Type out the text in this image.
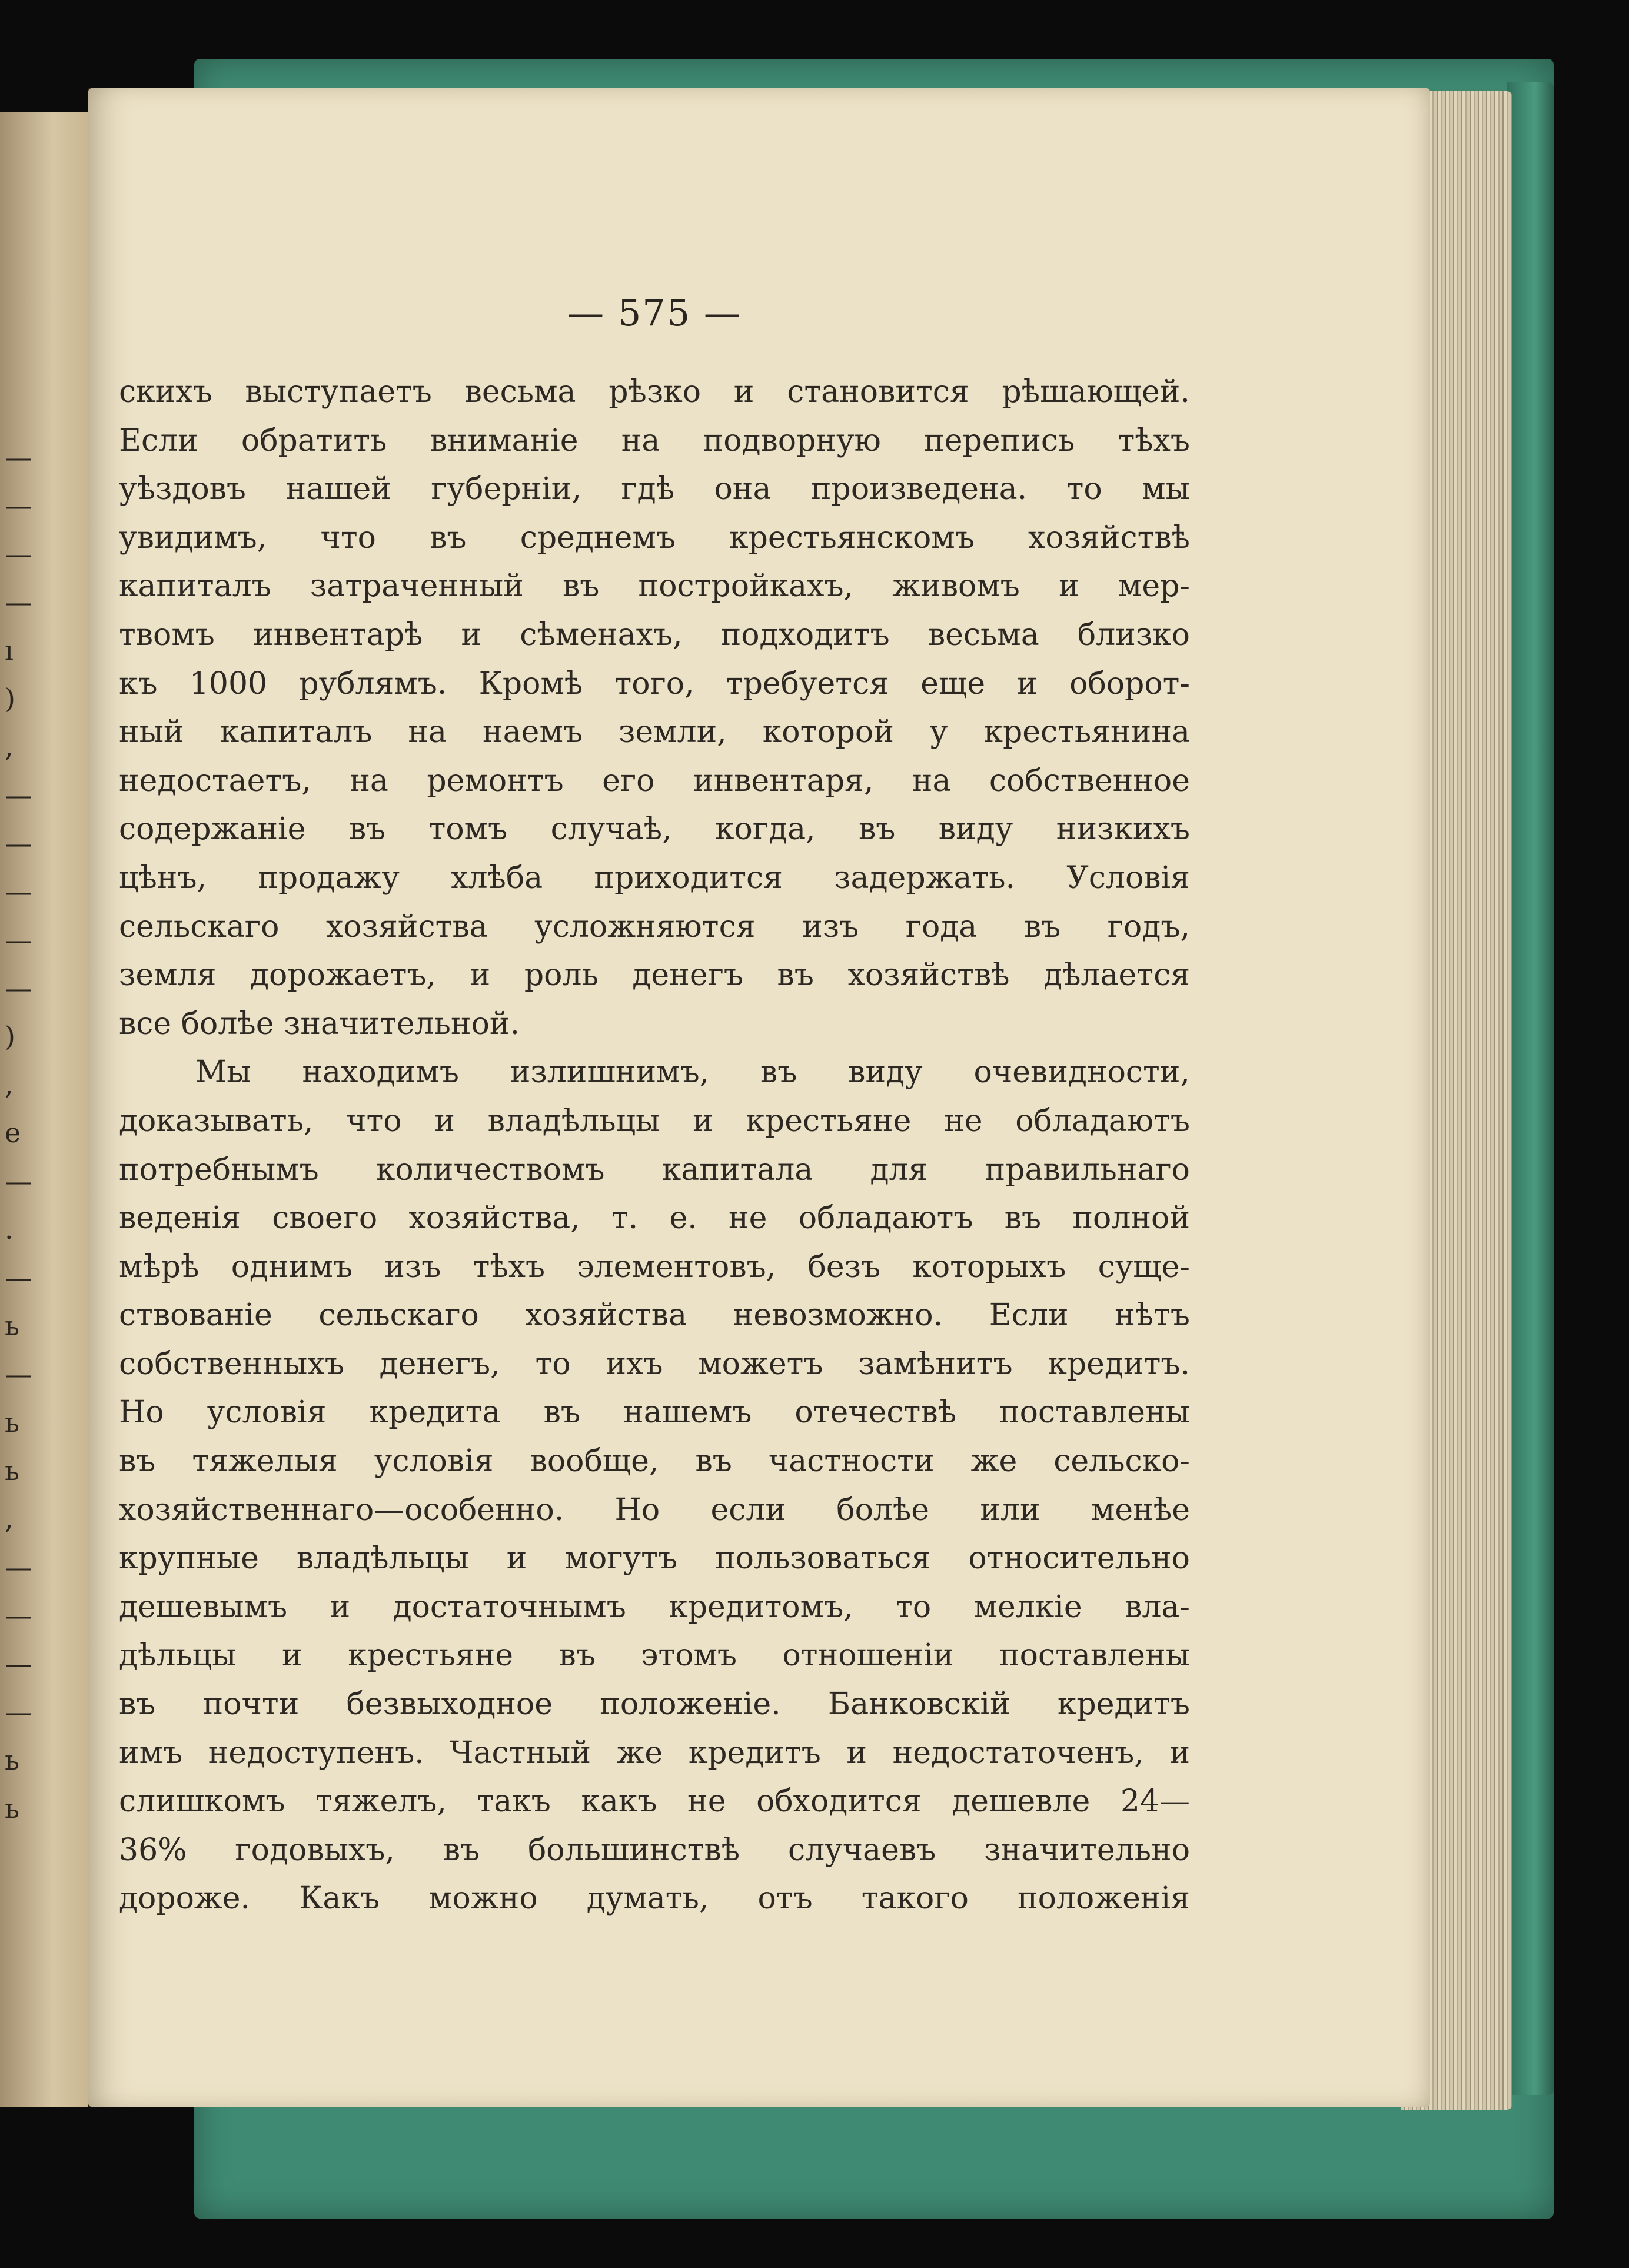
—
—
—
—
ı
)
,
—
—
—
—
—
)
,
e
—
.
—
ь
—
ь
ь
,
—
—
—
—
ь
ь
— 575 —
скихъ выступаетъ весьма рѣзко и становится рѣшающей.
Если обратить вниманіе на подворную перепись тѣхъ
уѣздовъ нашей губерніи, гдѣ она произведена. то мы
увидимъ, что въ среднемъ крестьянскомъ хозяйствѣ
капиталъ затраченный въ постройкахъ, живомъ и мер-
твомъ инвентарѣ и сѣменахъ, подходитъ весьма близко
къ 1000 рублямъ. Кромѣ того, требуется еще и оборот-
ный капиталъ на наемъ земли, которой у крестьянина
недостаетъ, на ремонтъ его инвентаря, на собственное
содержаніе въ томъ случаѣ, когда, въ виду низкихъ
цѣнъ, продажу хлѣба приходится задержать. Условія
сельскаго хозяйства усложняются изъ года въ годъ,
земля дорожаетъ, и роль денегъ въ хозяйствѣ дѣлается
все болѣе значительной.
Мы находимъ излишнимъ, въ виду очевидности,
доказывать, что и владѣльцы и крестьяне не обладаютъ
потребнымъ количествомъ капитала для правильнаго
веденія своего хозяйства, т. е. не обладаютъ въ полной
мѣрѣ однимъ изъ тѣхъ элементовъ, безъ которыхъ суще-
ствованіе сельскаго хозяйства невозможно. Если нѣтъ
собственныхъ денегъ, то ихъ можетъ замѣнитъ кредитъ.
Но условія кредита въ нашемъ отечествѣ поставлены
въ тяжелыя условія вообще, въ частности же сельско-
хозяйственнаго—особенно. Но если болѣе или менѣе
крупные владѣльцы и могутъ пользоваться относительно
дешевымъ и достаточнымъ кредитомъ, то мелкіе вла-
дѣльцы и крестьяне въ этомъ отношеніи поставлены
въ почти безвыходное положеніе. Банковскій кредитъ
имъ недоступенъ. Частный же кредитъ и недостаточенъ, и
слишкомъ тяжелъ, такъ какъ не обходится дешевле 24—
36% годовыхъ, въ большинствѣ случаевъ значительно
дороже. Какъ можно думать, отъ такого положенія
